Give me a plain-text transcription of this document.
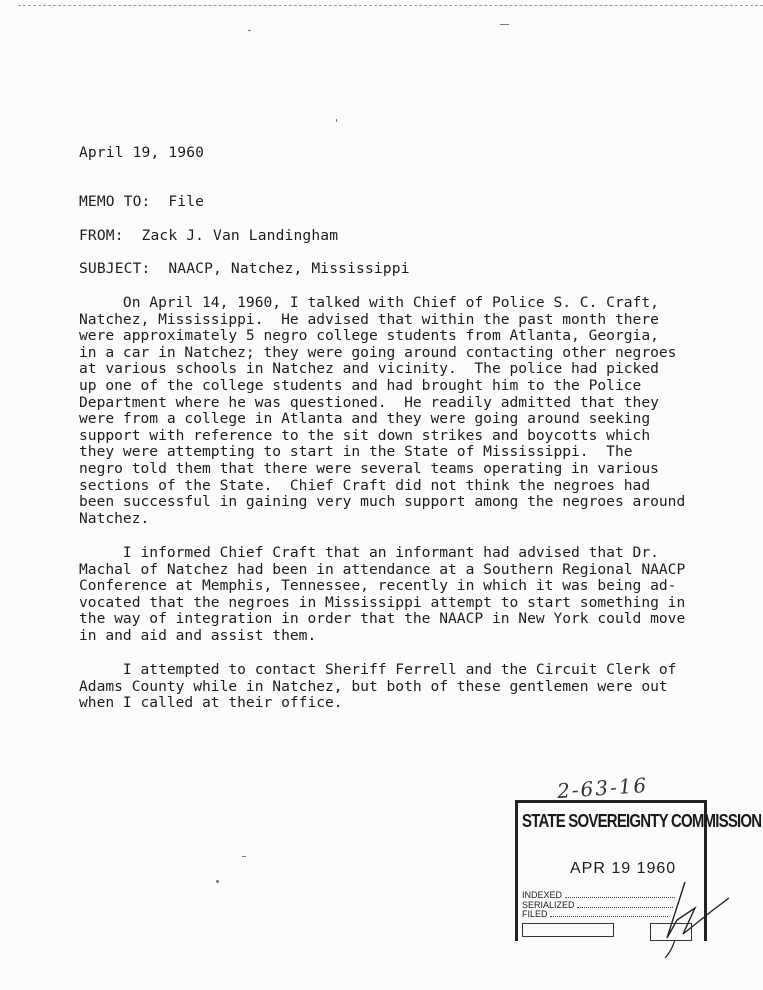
April 19, 1960
MEMO TO:  File
FROM:  Zack J. Van Landingham
SUBJECT:  NAACP, Natchez, Mississippi
On April 14, 1960, I talked with Chief of Police S. C. Craft,
Natchez, Mississippi.  He advised that within the past month there
were approximately 5 negro college students from Atlanta, Georgia,
in a car in Natchez; they were going around contacting other negroes
at various schools in Natchez and vicinity.  The police had picked
up one of the college students and had brought him to the Police
Department where he was questioned.  He readily admitted that they
were from a college in Atlanta and they were going around seeking
support with reference to the sit down strikes and boycotts which
they were attempting to start in the State of Mississippi.  The
negro told them that there were several teams operating in various
sections of the State.  Chief Craft did not think the negroes had
been successful in gaining very much support among the negroes around
Natchez.
I informed Chief Craft that an informant had advised that Dr.
Machal of Natchez had been in attendance at a Southern Regional NAACP
Conference at Memphis, Tennessee, recently in which it was being ad-
vocated that the negroes in Mississippi attempt to start something in
the way of integration in order that the NAACP in New York could move
in and aid and assist them.
I attempted to contact Sheriff Ferrell and the Circuit Clerk of
Adams County while in Natchez, but both of these gentlemen were out
when I called at their office.
2-63-16
STATE SOVEREIGNTY COMMISSION
APR 19 1960
INDEXED
SERIALIZED
FILED
